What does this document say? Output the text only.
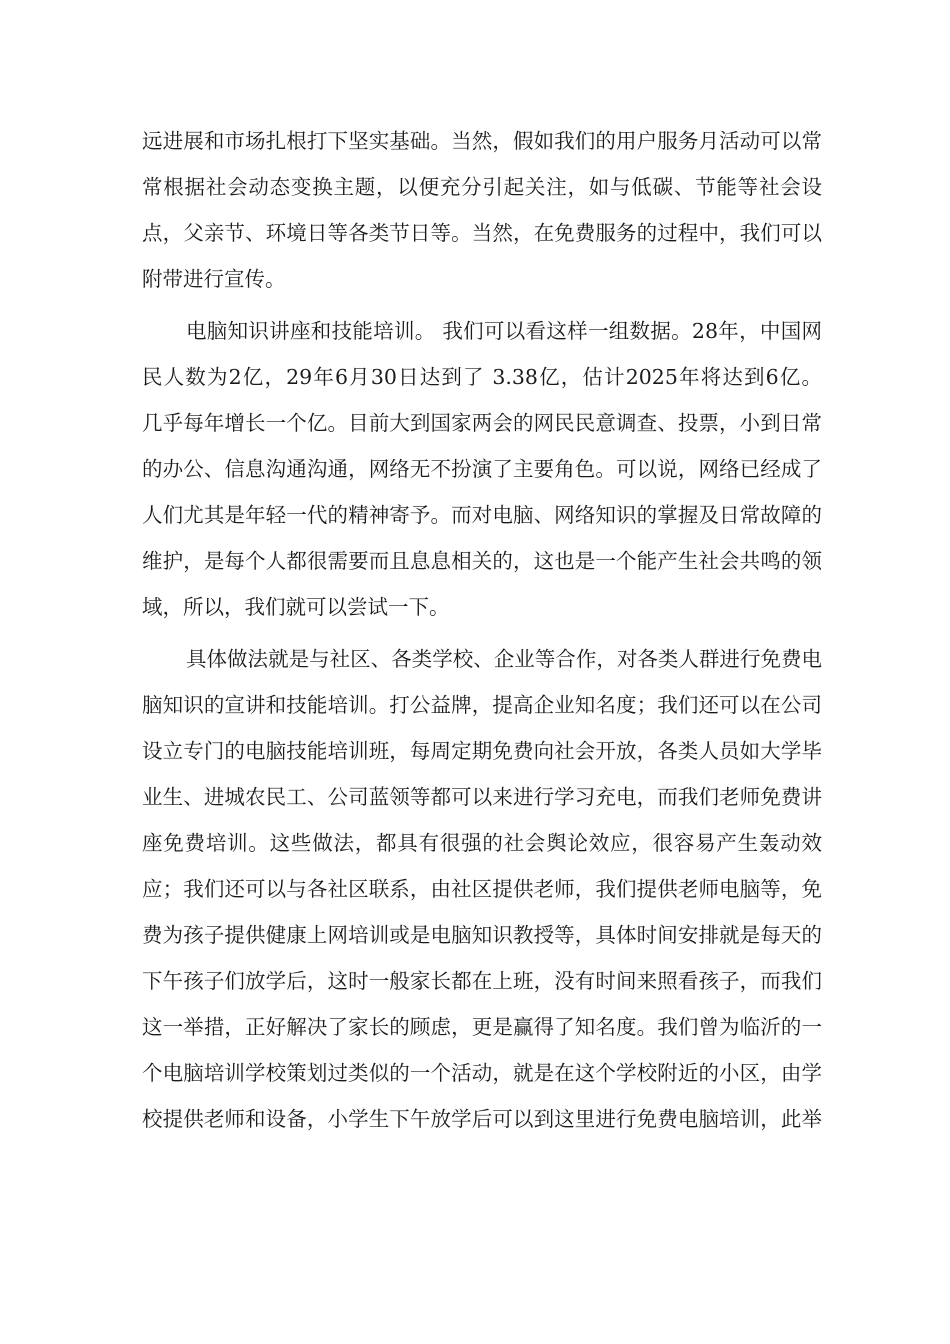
远进展和市场扎根打下坚实基础。当然，假如我们的用户服务月活动可以常
常根据社会动态变换主题，以便充分引起关注，如与低碳、节能等社会设
点，父亲节、环境日等各类节日等。当然，在免费服务的过程中，我们可以
附带进行宣传。
电脑知识讲座和技能培训。 我们可以看这样一组数据。28年，中国网
民人数为2亿，29年6月30日达到了 3.38亿，估计2025年将达到6亿。
几乎每年增长一个亿。目前大到国家两会的网民民意调查、投票，小到日常
的办公、信息沟通沟通，网络无不扮演了主要角色。可以说，网络已经成了
人们尤其是年轻一代的精神寄予。而对电脑、网络知识的掌握及日常故障的
维护，是每个人都很需要而且息息相关的，这也是一个能产生社会共鸣的领
域，所以，我们就可以尝试一下。
具体做法就是与社区、各类学校、企业等合作，对各类人群进行免费电
脑知识的宣讲和技能培训。打公益牌，提高企业知名度；我们还可以在公司
设立专门的电脑技能培训班，每周定期免费向社会开放，各类人员如大学毕
业生、进城农民工、公司蓝领等都可以来进行学习充电，而我们老师免费讲
座免费培训。这些做法，都具有很强的社会舆论效应，很容易产生轰动效
应；我们还可以与各社区联系，由社区提供老师，我们提供老师电脑等，免
费为孩子提供健康上网培训或是电脑知识教授等，具体时间安排就是每天的
下午孩子们放学后，这时一般家长都在上班，没有时间来照看孩子，而我们
这一举措，正好解决了家长的顾虑，更是赢得了知名度。我们曾为临沂的一
个电脑培训学校策划过类似的一个活动，就是在这个学校附近的小区，由学
校提供老师和设备，小学生下午放学后可以到这里进行免费电脑培训，此举
